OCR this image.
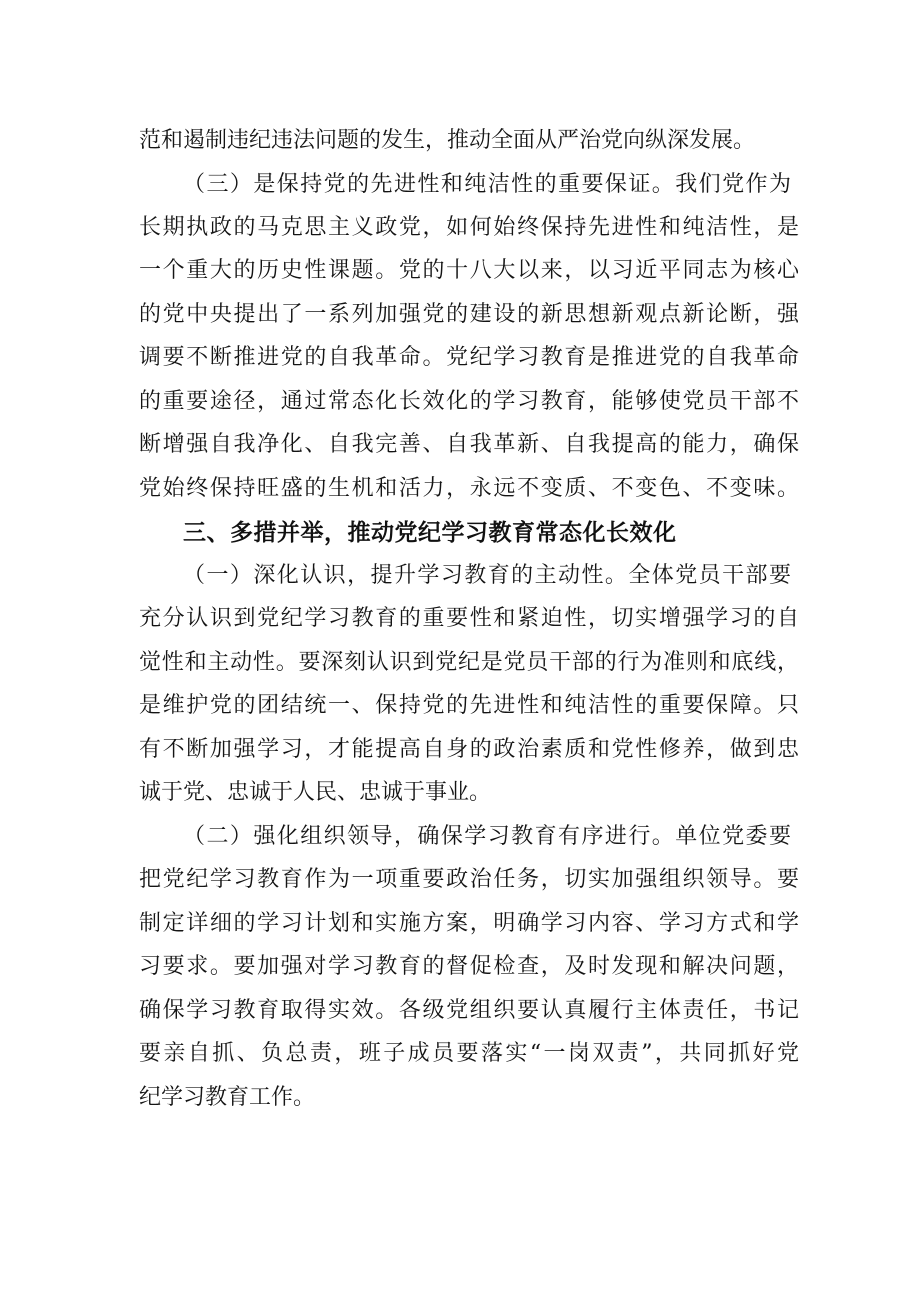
范和遏制违纪违法问题的发生，推动全面从严治党向纵深发展。

（三）是保持党的先进性和纯洁性的重要保证。我们党作为

长期执政的马克思主义政党，如何始终保持先进性和纯洁性，是

一个重大的历史性课题。党的十八大以来，以习近平同志为核心

的党中央提出了一系列加强党的建设的新思想新观点新论断，强

调要不断推进党的自我革命。党纪学习教育是推进党的自我革命

的重要途径，通过常态化长效化的学习教育，能够使党员干部不

断增强自我净化、自我完善、自我革新、自我提高的能力，确保

党始终保持旺盛的生机和活力，永远不变质、不变色、不变味。

三、多措并举，推动党纪学习教育常态化长效化

（一）深化认识，提升学习教育的主动性。全体党员干部要

充分认识到党纪学习教育的重要性和紧迫性，切实增强学习的自

觉性和主动性。要深刻认识到党纪是党员干部的行为准则和底线，

是维护党的团结统一、保持党的先进性和纯洁性的重要保障。只

有不断加强学习，才能提高自身的政治素质和党性修养，做到忠

诚于党、忠诚于人民、忠诚于事业。

（二）强化组织领导，确保学习教育有序进行。单位党委要

把党纪学习教育作为一项重要政治任务，切实加强组织领导。要

制定详细的学习计划和实施方案，明确学习内容、学习方式和学

习要求。要加强对学习教育的督促检查，及时发现和解决问题，

确保学习教育取得实效。各级党组织要认真履行主体责任，书记

要亲自抓、负总责，班子成员要落实“一岗双责”，共同抓好党

纪学习教育工作。
